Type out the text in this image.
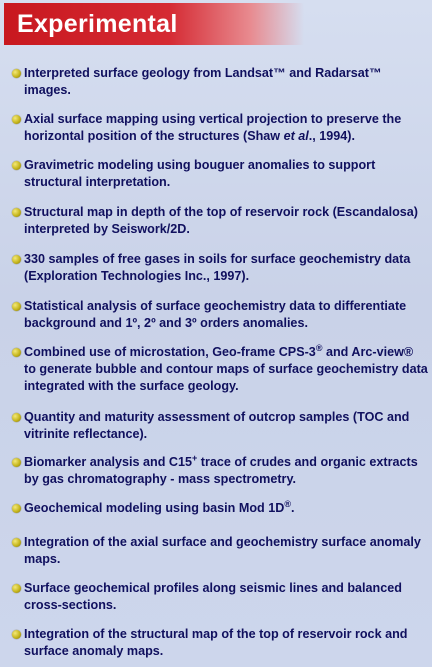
Experimental
Interpreted surface geology from Landsat™ and Radarsat™ images.
Axial surface mapping using vertical projection to preserve the horizontal position of the structures (Shaw et al., 1994).
Gravimetric modeling using bouguer anomalies to support structural interpretation.
Structural map in depth of the top of reservoir rock (Escandalosa) interpreted by Seiswork/2D.
330 samples of free gases in soils for surface geochemistry data (Exploration Technologies Inc., 1997).
Statistical analysis of surface geochemistry data to differentiate background and 1º, 2º and 3º orders anomalies.
Combined use of microstation, Geo-frame CPS-3® and Arc-view® to generate bubble and contour maps of surface geochemistry data integrated with the surface geology.
Quantity and maturity assessment of outcrop samples (TOC and vitrinite reflectance).
Biomarker analysis and C15+ trace of crudes and organic extracts by gas chromatography - mass spectrometry.
Geochemical modeling using basin Mod 1D®.
Integration of the axial surface and geochemistry surface anomaly maps.
Surface geochemical profiles along seismic lines and balanced cross-sections.
Integration of the structural map of the top of reservoir rock and surface anomaly maps.
